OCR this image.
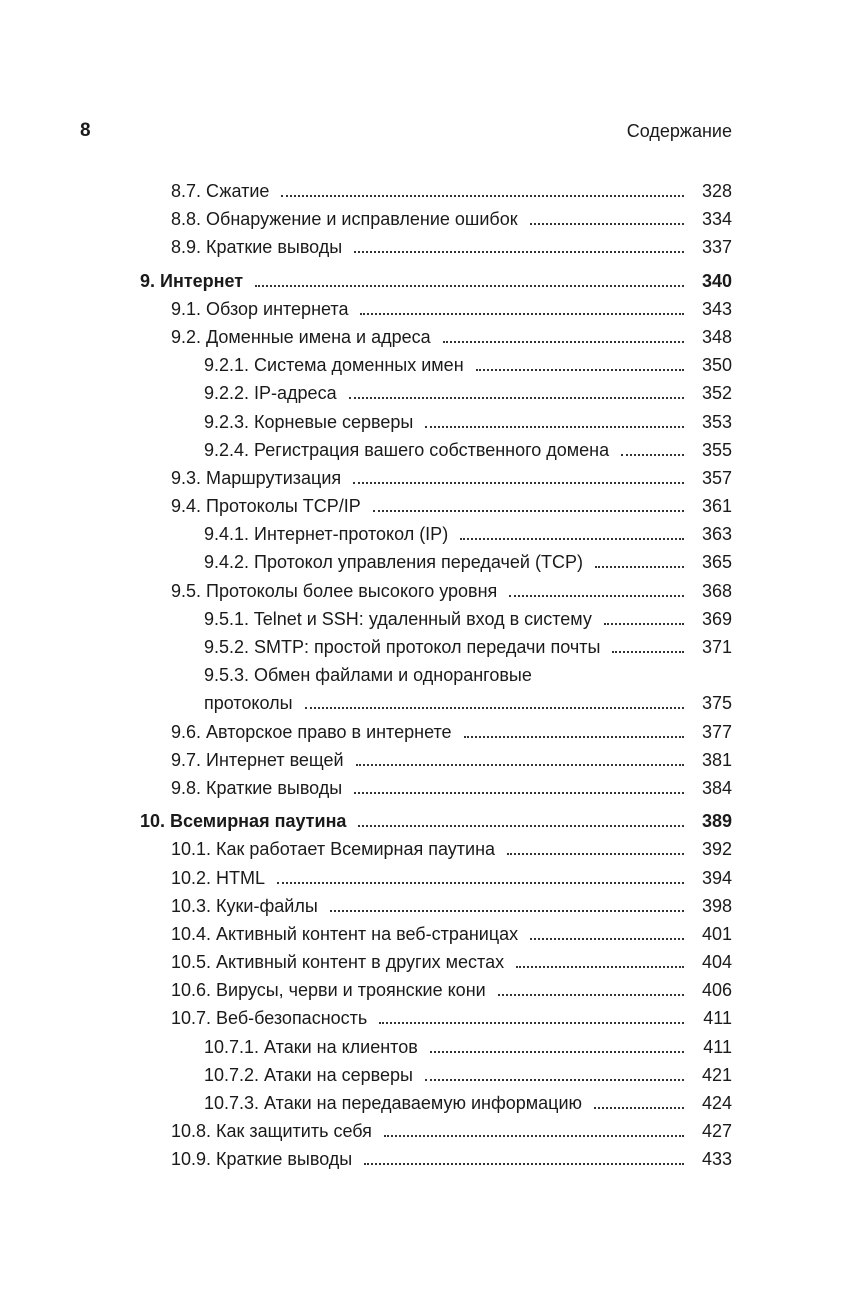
8	Содержание
8.7. Сжатие	328
8.8. Обнаружение и исправление ошибок	334
8.9. Краткие выводы	337
9. Интернет	340
9.1. Обзор интернета	343
9.2. Доменные имена и адреса	348
9.2.1. Система доменных имен	350
9.2.2. IP-адреса	352
9.2.3. Корневые серверы	353
9.2.4. Регистрация вашего собственного домена	355
9.3. Маршрутизация	357
9.4. Протоколы TCP/IP	361
9.4.1. Интернет-протокол (IP)	363
9.4.2. Протокол управления передачей (TCP)	365
9.5. Протоколы более высокого уровня	368
9.5.1. Telnet и SSH: удаленный вход в систему	369
9.5.2. SMTP: простой протокол передачи почты	371
9.5.3. Обмен файлами и одноранговые
протоколы	375
9.6. Авторское право в интернете	377
9.7. Интернет вещей	381
9.8. Краткие выводы	384
10. Всемирная паутина	389
10.1. Как работает Всемирная паутина	392
10.2. HTML	394
10.3. Куки-файлы	398
10.4. Активный контент на веб-страницах	401
10.5. Активный контент в других местах	404
10.6. Вирусы, черви и троянские кони	406
10.7. Веб-безопасность	411
10.7.1. Атаки на клиентов	411
10.7.2. Атаки на серверы	421
10.7.3. Атаки на передаваемую информацию	424
10.8. Как защитить себя	427
10.9. Краткие выводы	433
